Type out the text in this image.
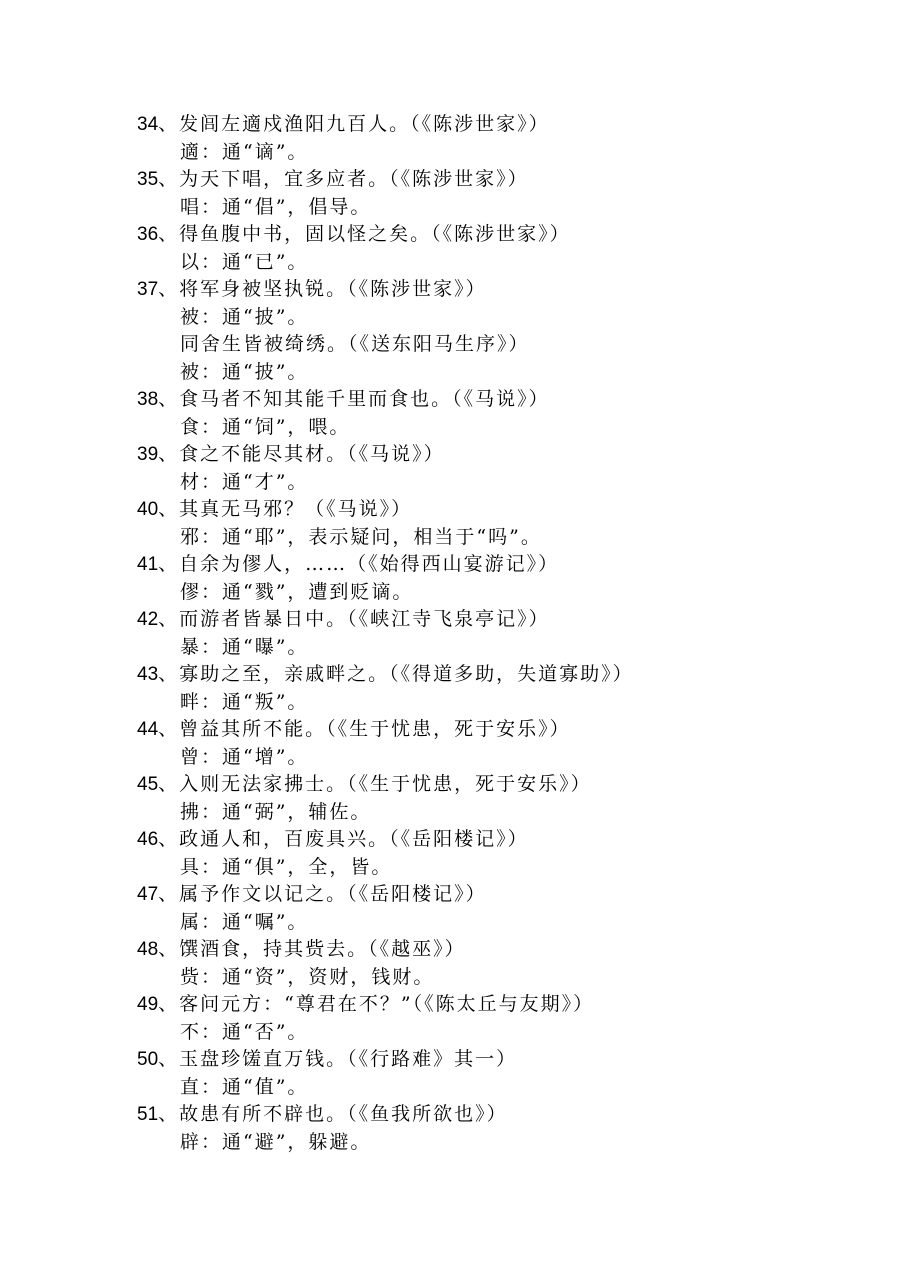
34、发闾左適戍渔阳九百人。（《陈涉世家》）
適：通“谪”。
35、为天下唱，宜多应者。（《陈涉世家》）
唱：通“倡”，倡导。
36、得鱼腹中书，固以怪之矣。（《陈涉世家》）
以：通“已”。
37、将军身被坚执锐。（《陈涉世家》）
被：通“披”。
同舍生皆被绮绣。（《送东阳马生序》）
被：通“披”。
38、食马者不知其能千里而食也。（《马说》）
食：通“饲”，喂。
39、食之不能尽其材。（《马说》）
材：通“才”。
40、其真无马邪？（《马说》）
邪：通“耶”，表示疑问，相当于“吗”。
41、自余为僇人，……（《始得西山宴游记》）
僇：通“戮”，遭到贬谪。
42、而游者皆暴日中。（《峡江寺飞泉亭记》）
暴：通“曝”。
43、寡助之至，亲戚畔之。（《得道多助，失道寡助》）
畔：通“叛”。
44、曾益其所不能。（《生于忧患，死于安乐》）
曾：通“增”。
45、入则无法家拂士。（《生于忧患，死于安乐》）
拂：通“弼”，辅佐。
46、政通人和，百废具兴。（《岳阳楼记》）
具：通“俱”，全，皆。
47、属予作文以记之。（《岳阳楼记》）
属：通“嘱”。
48、馔酒食，持其赀去。（《越巫》）
赀：通“资”，资财，钱财。
49、客问元方：“尊君在不？”（《陈太丘与友期》）
不：通“否”。
50、玉盘珍馐直万钱。（《行路难》其一）
直：通“值”。
51、故患有所不辟也。（《鱼我所欲也》）
辟：通“避”，躲避。
